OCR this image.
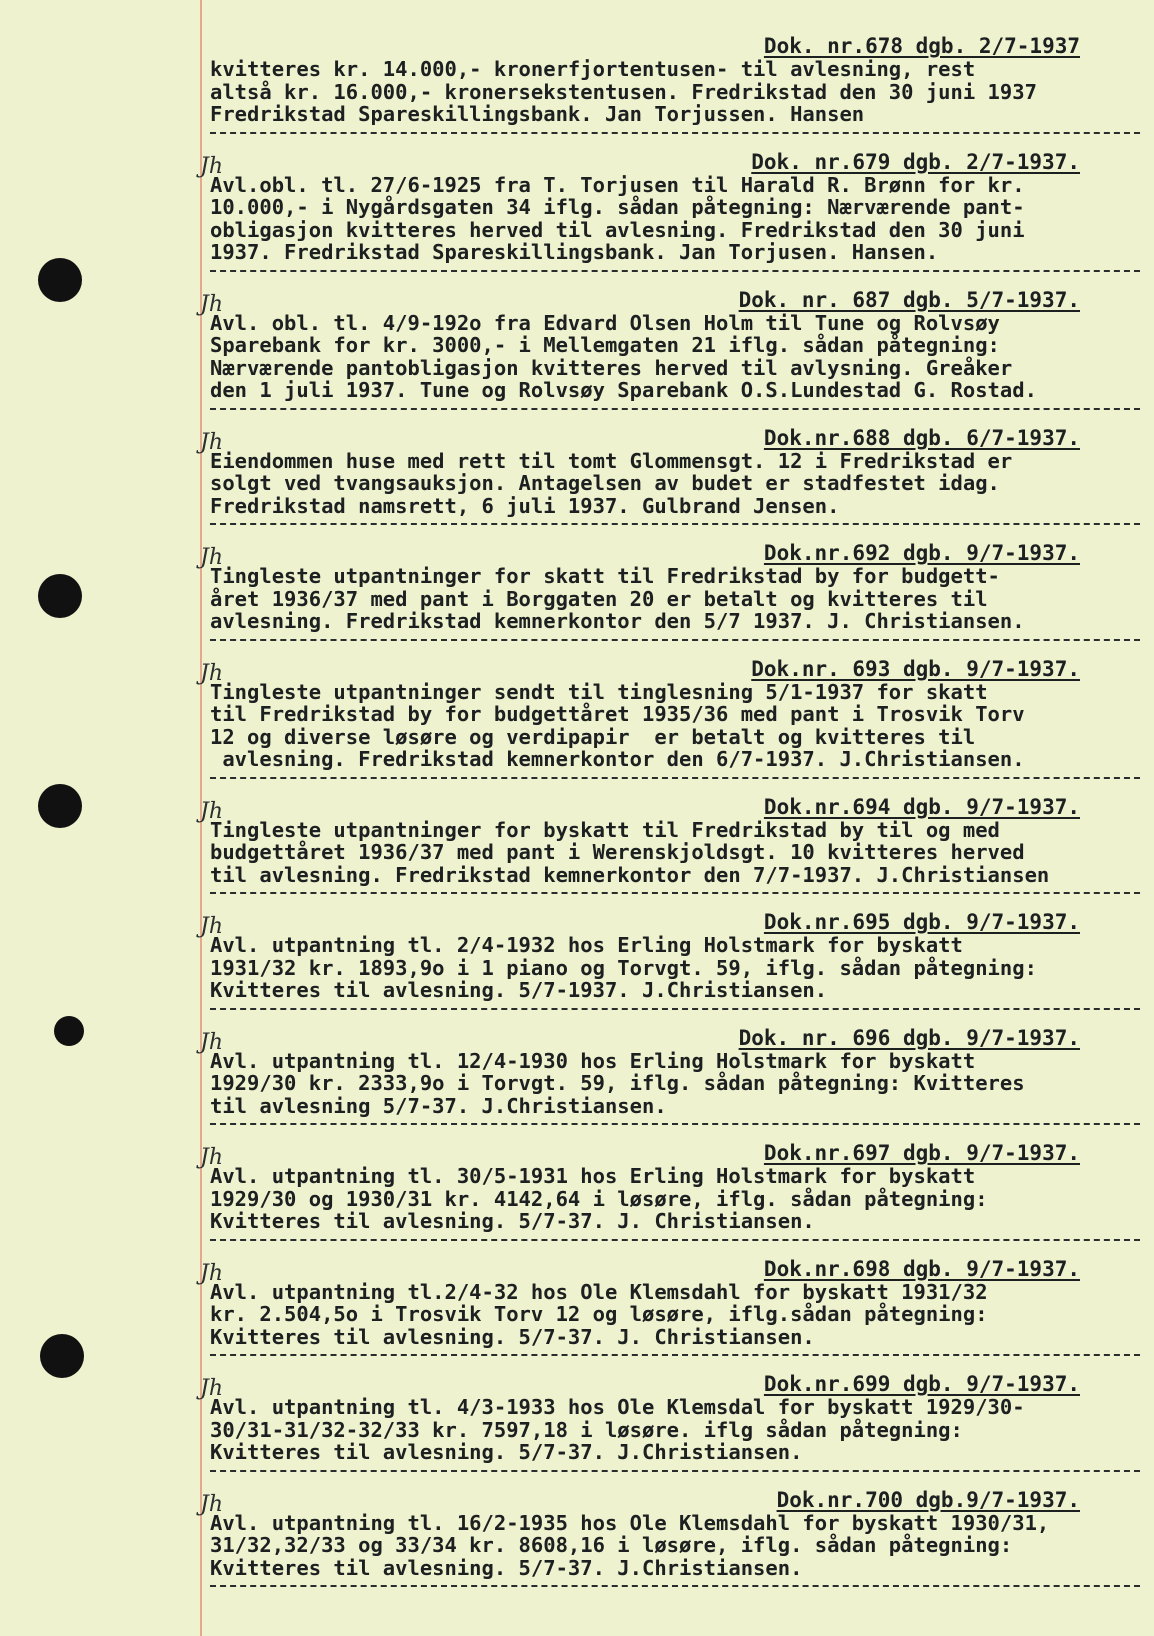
Dok. nr.678 dgb. 2/7-1937
kvitteres kr. 14.000,- kronerfjortentusen- til avlesning, rest
altså kr. 16.000,- kronersekstentusen. Fredrikstad den 30 juni 1937
Fredrikstad Spareskillingsbank. Jan Torjussen. Hansen
Jh	Dok. nr.679 dgb. 2/7-1937.
Avl.obl. tl. 27/6-1925 fra T. Torjusen til Harald R. Brønn for kr.
10.000,- i Nygårdsgaten 34 iflg. sådan påtegning: Nærværende pant-
obligasjon kvitteres herved til avlesning. Fredrikstad den 30 juni
1937. Fredrikstad Spareskillingsbank. Jan Torjusen. Hansen.
Jh	Dok. nr. 687 dgb. 5/7-1937.
Avl. obl. tl. 4/9-192o fra Edvard Olsen Holm til Tune og Rolvsøy
Sparebank for kr. 3000,- i Mellemgaten 21 iflg. sådan påtegning:
Nærværende pantobligasjon kvitteres herved til avlysning. Greåker
den 1 juli 1937. Tune og Rolvsøy Sparebank O.S.Lundestad G. Rostad.
Jh	Dok.nr.688 dgb. 6/7-1937.
Eiendommen huse med rett til tomt Glommensgt. 12 i Fredrikstad er
solgt ved tvangsauksjon. Antagelsen av budet er stadfestet idag.
Fredrikstad namsrett, 6 juli 1937. Gulbrand Jensen.
Jh	Dok.nr.692 dgb. 9/7-1937.
Tingleste utpantninger for skatt til Fredrikstad by for budgett-
året 1936/37 med pant i Borggaten 20 er betalt og kvitteres til
avlesning. Fredrikstad kemnerkontor den 5/7 1937. J. Christiansen.
Jh	Dok.nr. 693 dgb. 9/7-1937.
Tingleste utpantninger sendt til tinglesning 5/1-1937 for skatt
til Fredrikstad by for budgettåret 1935/36 med pant i Trosvik Torv
12 og diverse løsøre og verdipapir  er betalt og kvitteres til
avlesning. Fredrikstad kemnerkontor den 6/7-1937. J.Christiansen.
Jh	Dok.nr.694 dgb. 9/7-1937.
Tingleste utpantninger for byskatt til Fredrikstad by til og med
budgettåret 1936/37 med pant i Werenskjoldsgt. 10 kvitteres herved
til avlesning. Fredrikstad kemnerkontor den 7/7-1937. J.Christiansen
Jh	Dok.nr.695 dgb. 9/7-1937.
Avl. utpantning tl. 2/4-1932 hos Erling Holstmark for byskatt
1931/32 kr. 1893,9o i 1 piano og Torvgt. 59, iflg. sådan påtegning:
Kvitteres til avlesning. 5/7-1937. J.Christiansen.
Jh	Dok. nr. 696 dgb. 9/7-1937.
Avl. utpantning tl. 12/4-1930 hos Erling Holstmark for byskatt
1929/30 kr. 2333,9o i Torvgt. 59, iflg. sådan påtegning: Kvitteres
til avlesning 5/7-37. J.Christiansen.
Jh	Dok.nr.697 dgb. 9/7-1937.
Avl. utpantning tl. 30/5-1931 hos Erling Holstmark for byskatt
1929/30 og 1930/31 kr. 4142,64 i løsøre, iflg. sådan påtegning:
Kvitteres til avlesning. 5/7-37. J. Christiansen.
Jh	Dok.nr.698 dgb. 9/7-1937.
Avl. utpantning tl.2/4-32 hos Ole Klemsdahl for byskatt 1931/32
kr. 2.504,5o i Trosvik Torv 12 og løsøre, iflg.sådan påtegning:
Kvitteres til avlesning. 5/7-37. J. Christiansen.
Jh	Dok.nr.699 dgb. 9/7-1937.
Avl. utpantning tl. 4/3-1933 hos Ole Klemsdal for byskatt 1929/30-
30/31-31/32-32/33 kr. 7597,18 i løsøre. iflg sådan påtegning:
Kvitteres til avlesning. 5/7-37. J.Christiansen.
Jh	Dok.nr.700 dgb.9/7-1937.
Avl. utpantning tl. 16/2-1935 hos Ole Klemsdahl for byskatt 1930/31,
31/32,32/33 og 33/34 kr. 8608,16 i løsøre, iflg. sådan påtegning:
Kvitteres til avlesning. 5/7-37. J.Christiansen.
